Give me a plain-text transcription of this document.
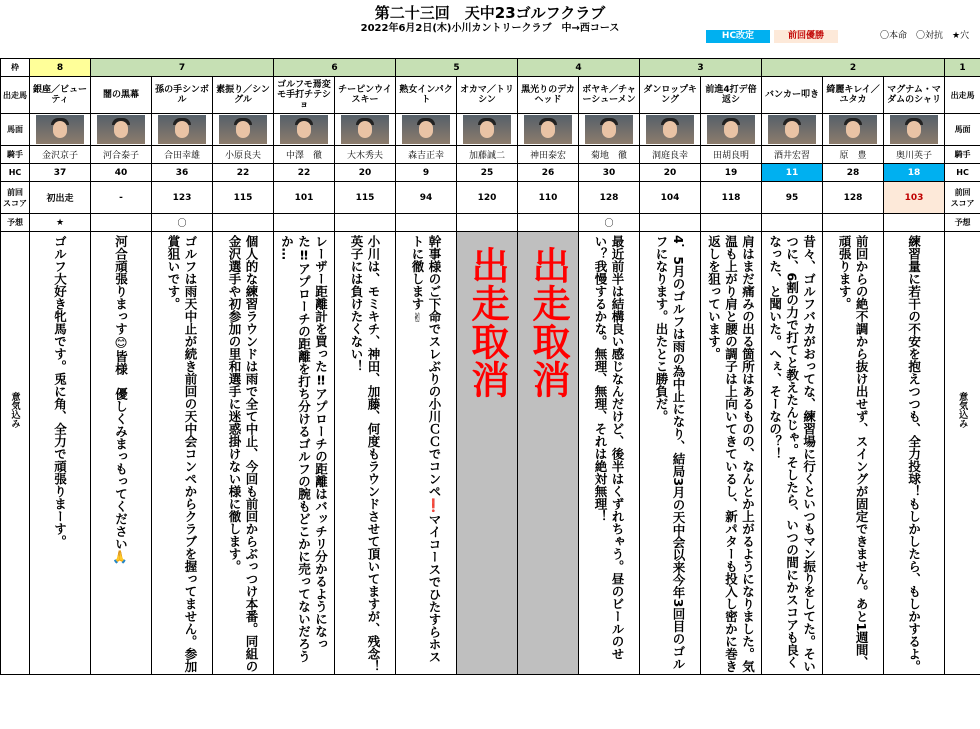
第二十三回　天中23ゴルフクラブ
2022年6月2日(木)小川カントリークラブ　中→西コース
HC改定	前回優勝	〇本命　〇対抗　★穴
枠	8	7			6		5		4		3		2			1	
出走馬	銀座／ビューティ	闇の黒幕	孫の手シンボル	素振り／シングル	ゴルフモ焉変モ手打チテショ	チーピンウイスキー	熟女インパクト	オカマ／トリシン	黒光りのデカヘッド	ボヤキ／チャーシューメン	ダンロップキング	前進4打デ倍返シ	バンカー叩き	綺麗キレイ／ユタカ	マグナム・マダムのシャリ	出走馬	
馬面																馬面	
騎手	金沢京子	河合泰子	合田幸雄	小原良夫	中澤　徹	大木秀夫	森吉正幸	加藤誠二	神田泰宏	菊地　徹	洞庭良幸	田胡良明	酒井宏習	原　豊	奥川英子	騎手	
HC	37	40	36	22	22	20	9	25	26	30	20	19	11	28	18	HC	
前回
スコア	初出走	-	123	115	101	115	94	120	110	128	104	118	95	128	103	前回
スコア	
予想	★		〇							〇						予想	

意気込み	ゴルフ大好き牝馬です。兎に角、全力で頑張りまーす。	河合頑張りまっす😊皆様　優しくみまっもってください🙏	ゴルフは雨天中止が続き前回の天中会コンペからクラブを握ってません。参加賞狙いです。	個人的な練習ラウンドは雨で全て中止、今回も前回からぶっつけ本番。同組の金沢選手や初参加の里和選手に迷惑掛けない様に徹します。	レーザー距離計を買った‼アプローチの距離はバッチリ分かるようになった‼アプローチの距離を打ち分けるゴルフの腕もどこかに売ってないだろうか…	小川は、モミキチ、神田、加藤、何度もラウンドさせて頂いてますが、残念！英子には負けたくない！	幹事様のご下命でスレぶりの小川ＣＣでコンペ❗マイコースでひたすらホストに徹します✌	出走取消	出走取消	最近前半は結構良い感じなんだけど、後半はくずれちゃう。昼のビールのせい？我慢するかな。無理、無理、それは絶対無理！	4．5月のゴルフは雨の為中止になり、結局3月の天中会以来今年3回目のゴルフになります。出たとこ勝負だ。	肩はまだ痛みの出る箇所はあるものの、なんとか上がるようになりました。気温も上がり肩と腰の調子は上向いてきているし、新パターも投入し密かに巻き返しを狙っています。	昔々、ゴルフバカがおってな、練習場に行くといつもマン振りをしてた。そいつに、6割の力で打てと教えたんじゃ。そしたら、いつの間にかスコアも良くなった、と聞いた。へぇ、そーなの？！	前回からの絶不調から抜け出せず、スイングが固定できません。あと1週間、頑張ります。	練習量に若干の不安を抱えつつも、全力投球！もしかしたら、もしかするよ。	意気込み	
